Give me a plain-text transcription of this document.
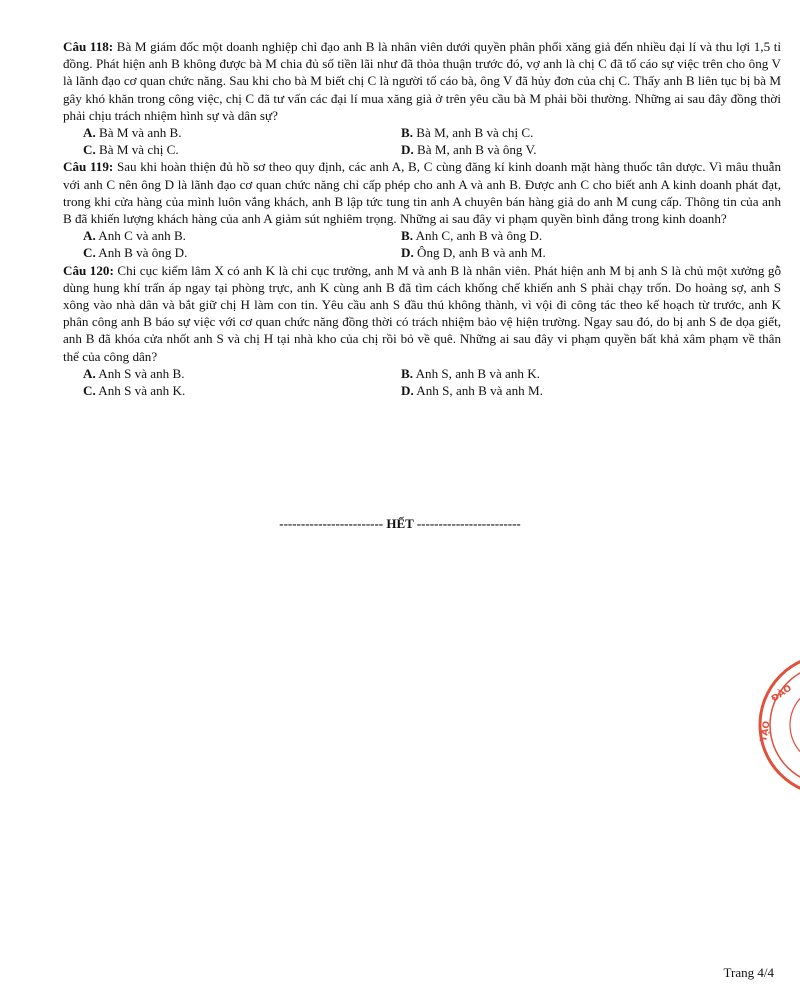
Câu 118: Bà M giám đốc một doanh nghiệp chỉ đạo anh B là nhân viên dưới quyền phân phối xăng giả đến nhiều đại lí và thu lợi 1,5 tỉ đồng. Phát hiện anh B không được bà M chia đủ số tiền lãi như đã thỏa thuận trước đó, vợ anh là chị C đã tố cáo sự việc trên cho ông V là lãnh đạo cơ quan chức năng. Sau khi cho bà M biết chị C là người tố cáo bà, ông V đã hủy đơn của chị C. Thấy anh B liên tục bị bà M gây khó khăn trong công việc, chị C đã tư vấn các đại lí mua xăng giả ở trên yêu cầu bà M phải bồi thường. Những ai sau đây đồng thời phải chịu trách nhiệm hình sự và dân sự?
A. Bà M và anh B.	B. Bà M, anh B và chị C.
C. Bà M và chị C.	D. Bà M, anh B và ông V.
Câu 119: Sau khi hoàn thiện đủ hồ sơ theo quy định, các anh A, B, C cùng đăng kí kinh doanh mặt hàng thuốc tân dược. Vì mâu thuẫn với anh C nên ông D là lãnh đạo cơ quan chức năng chỉ cấp phép cho anh A và anh B. Được anh C cho biết anh A kinh doanh phát đạt, trong khi cửa hàng của mình luôn vắng khách, anh B lập tức tung tin anh A chuyên bán hàng giả do anh M cung cấp. Thông tin của anh B đã khiến lượng khách hàng của anh A giảm sút nghiêm trọng. Những ai sau đây vi phạm quyền bình đẳng trong kinh doanh?
A. Anh C và anh B.	B. Anh C, anh B và ông D.
C. Anh B và ông D.	D. Ông D, anh B và anh M.
Câu 120: Chi cục kiểm lâm X có anh K là chi cục trưởng, anh M và anh B là nhân viên. Phát hiện anh M bị anh S là chủ một xưởng gỗ dùng hung khí trấn áp ngay tại phòng trực, anh K cùng anh B đã tìm cách khống chế khiến anh S phải chạy trốn. Do hoảng sợ, anh S xông vào nhà dân và bắt giữ chị H làm con tin. Yêu cầu anh S đầu thú không thành, vì vội đi công tác theo kế hoạch từ trước, anh K phân công anh B báo sự việc với cơ quan chức năng đồng thời có trách nhiệm bảo vệ hiện trường. Ngay sau đó, do bị anh S đe dọa giết, anh B đã khóa cửa nhốt anh S và chị H tại nhà kho của chị rồi bỏ về quê. Những ai sau đây vi phạm quyền bất khả xâm phạm về thân thể của công dân?
A. Anh S và anh B.	B. Anh S, anh B và anh K.
C. Anh S và anh K.	D. Anh S, anh B và anh M.
------------------------ HẾT ------------------------
ĐÀO
TẠO
Trang 4/4
